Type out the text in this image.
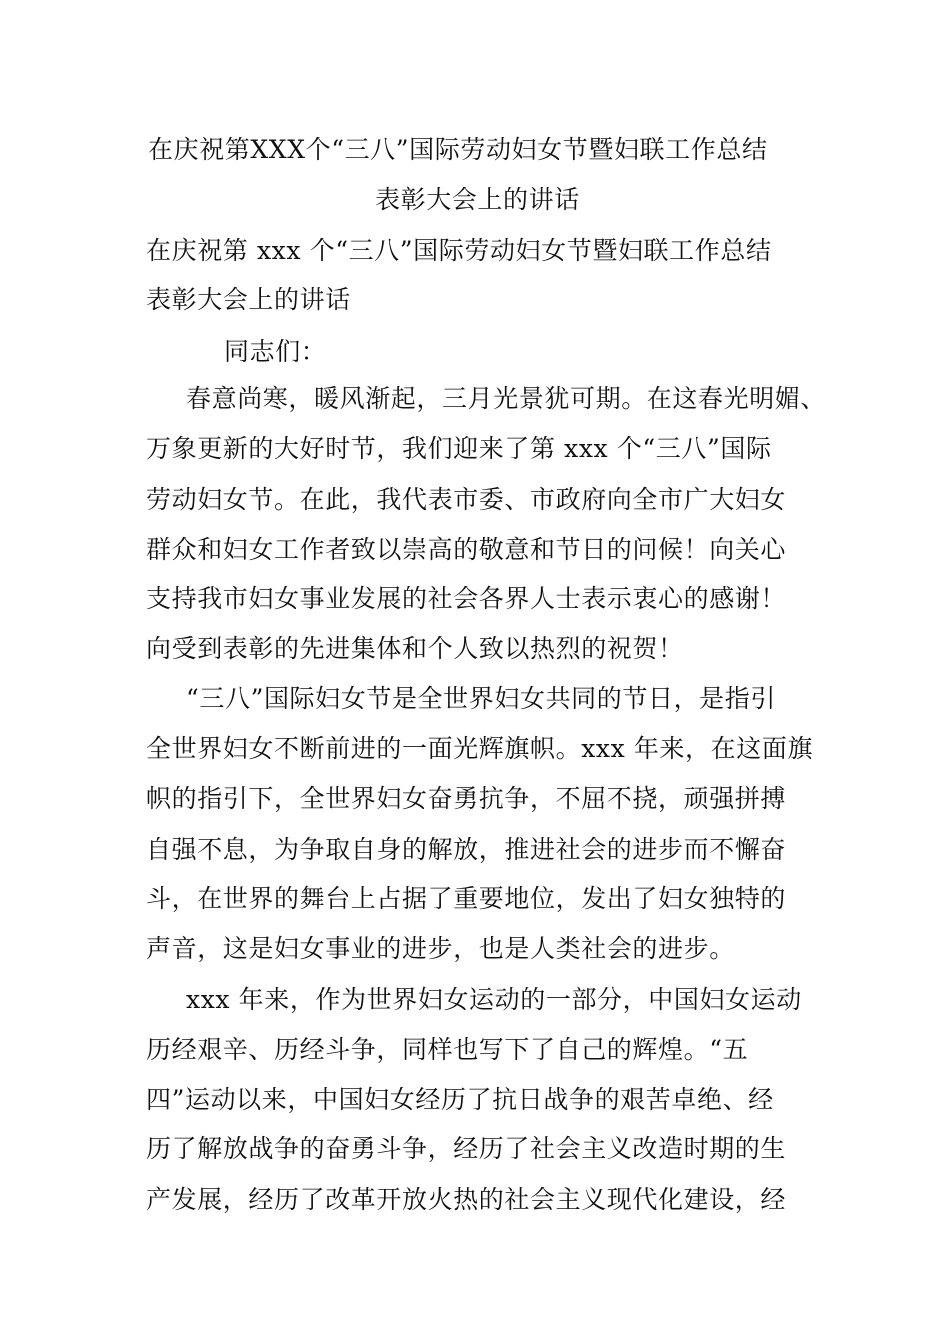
在庆祝第XXX个“三八”国际劳动妇女节暨妇联工作总结
表彰大会上的讲话
在庆祝第 xxx 个“三八”国际劳动妇女节暨妇联工作总结
表彰大会上的讲话
同志们：
春意尚寒，暖风渐起，三月光景犹可期。在这春光明媚、
万象更新的大好时节，我们迎来了第 xxx 个“三八”国际
劳动妇女节。在此，我代表市委、市政府向全市广大妇女
群众和妇女工作者致以崇高的敬意和节日的问候！向关心
支持我市妇女事业发展的社会各界人士表示衷心的感谢！
向受到表彰的先进集体和个人致以热烈的祝贺！
“三八”国际妇女节是全世界妇女共同的节日，是指引
全世界妇女不断前进的一面光辉旗帜。xxx 年来，在这面旗
帜的指引下，全世界妇女奋勇抗争，不屈不挠，顽强拼搏
自强不息，为争取自身的解放，推进社会的进步而不懈奋
斗，在世界的舞台上占据了重要地位，发出了妇女独特的
声音，这是妇女事业的进步，也是人类社会的进步。
xxx 年来，作为世界妇女运动的一部分，中国妇女运动
历经艰辛、历经斗争，同样也写下了自己的辉煌。“五
四”运动以来，中国妇女经历了抗日战争的艰苦卓绝、经
历了解放战争的奋勇斗争，经历了社会主义改造时期的生
产发展，经历了改革开放火热的社会主义现代化建设，经
